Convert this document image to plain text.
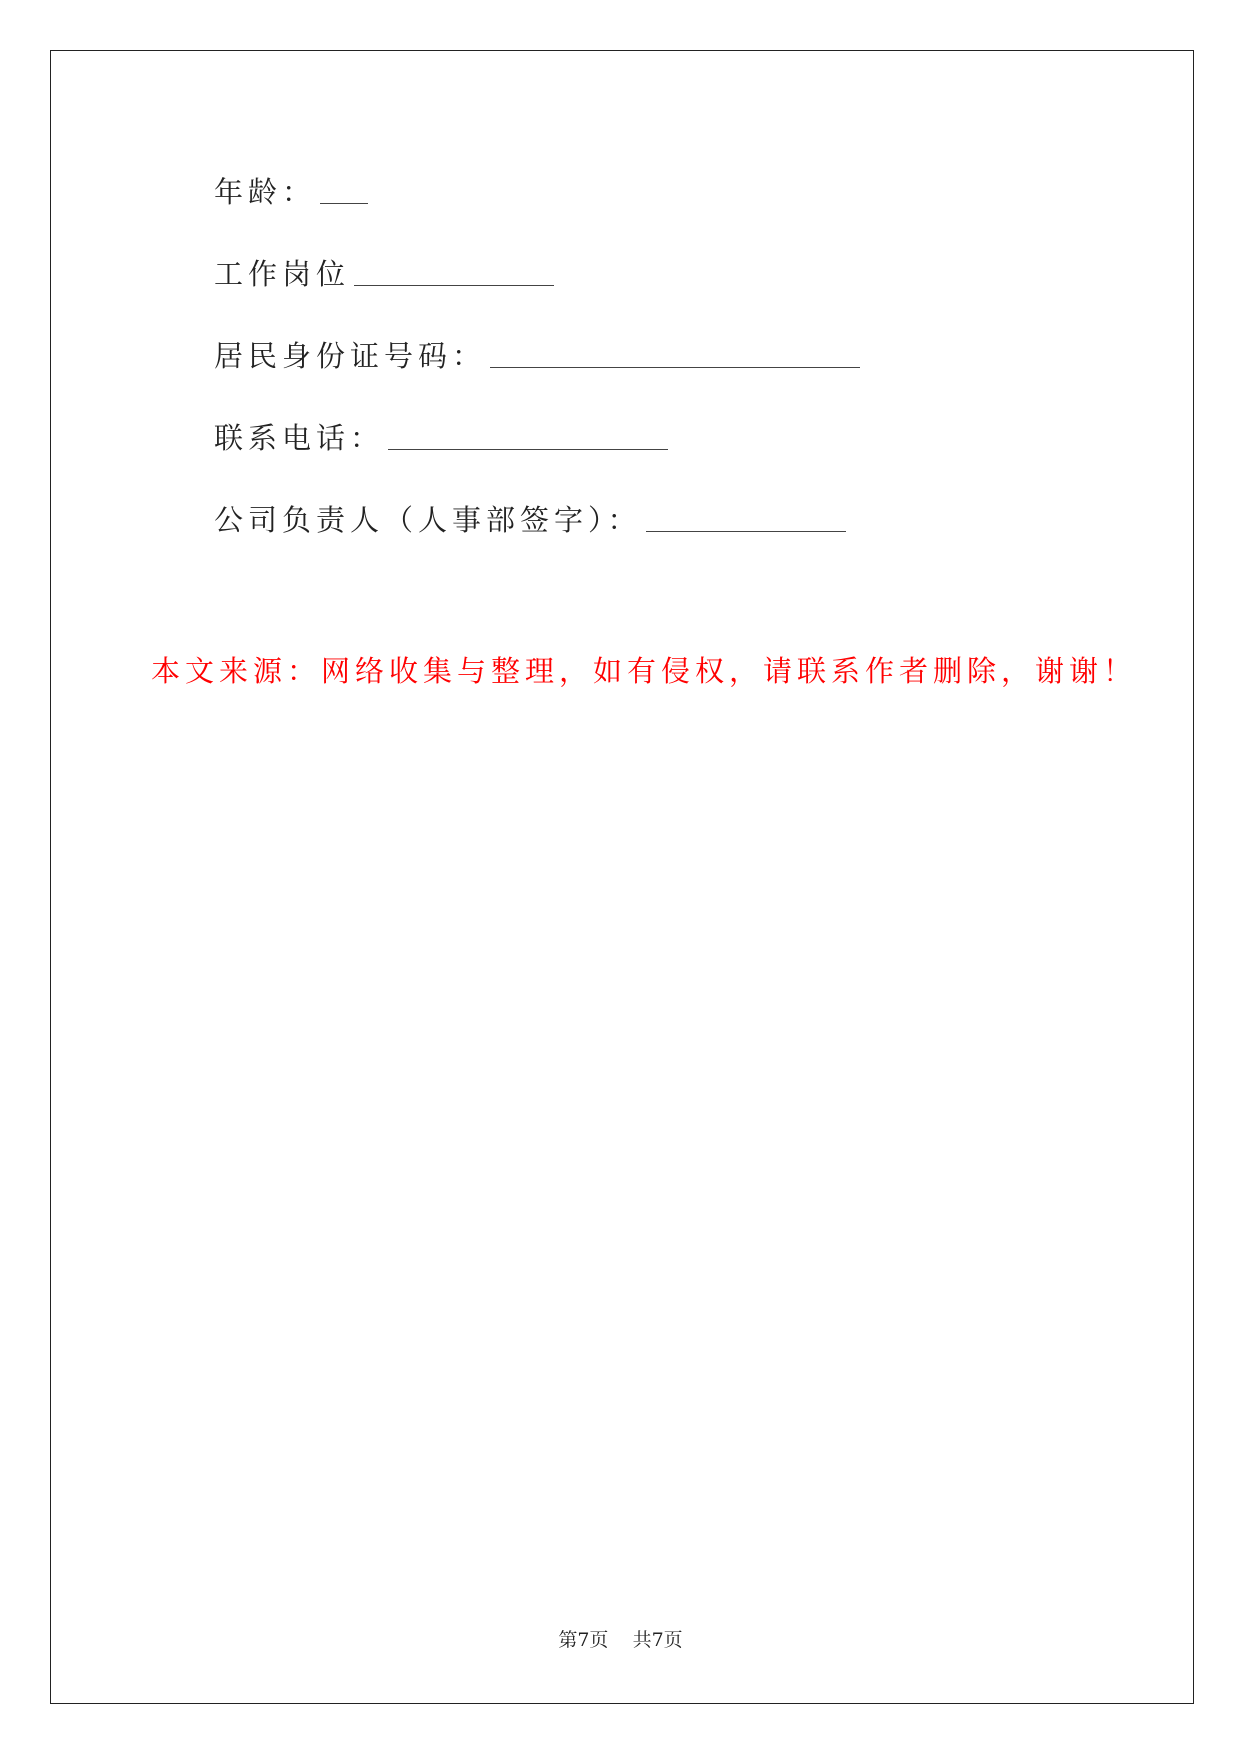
年龄：
工作岗位
居民身份证号码：
联系电话：
公司负责人（人事部签字）：
本文来源：网络收集与整理，如有侵权，请联系作者删除，谢谢！
第7页    共7页
